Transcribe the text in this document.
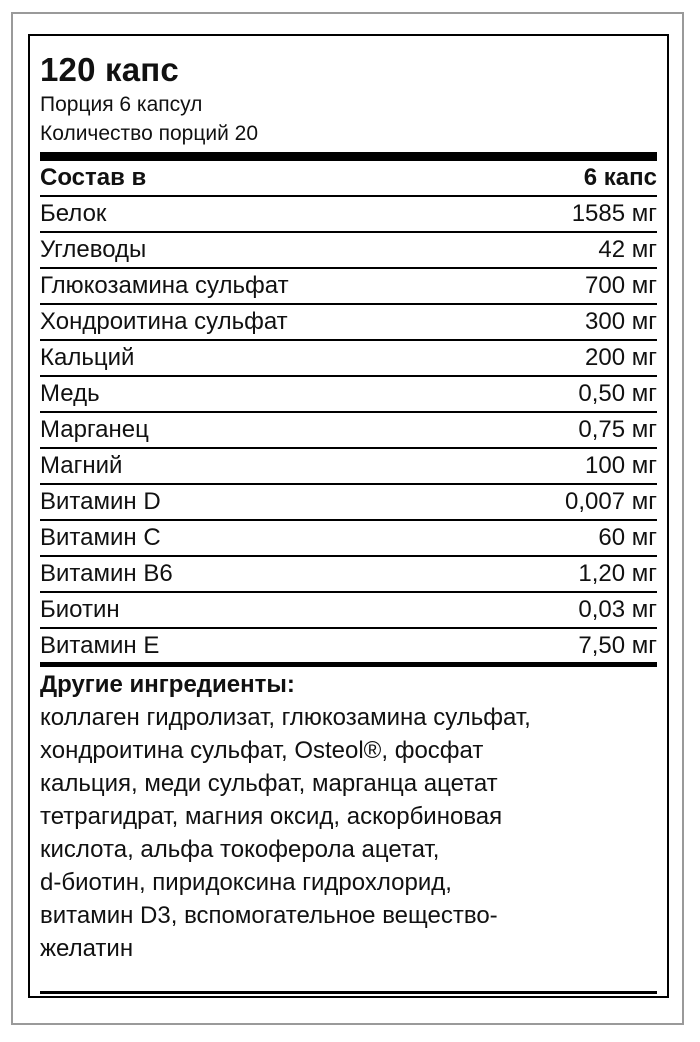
120 капс
Порция 6 капсул
Количество порций 20
Состав в	6 капс
Белок	1585 мг
Углеводы	42 мг
Глюкозамина сульфат	700 мг
Хондроитина сульфат	300 мг
Кальций	200 мг
Медь	0,50 мг
Марганец	0,75 мг
Магний	100 мг
Витамин D	0,007 мг
Витамин С	60 мг
Витамин В6	1,20 мг
Биотин	0,03 мг
Витамин Е	7,50 мг
Другие ингредиенты:
коллаген гидролизат, глюкозамина сульфат,
хондроитина сульфат, Osteol®, фосфат
кальция, меди сульфат, марганца ацетат
тетрагидрат, магния оксид, аскорбиновая
кислота, альфа токоферола ацетат,
d-биотин, пиридоксина гидрохлорид,
витамин D3, вспомогательное вещество-
желатин
